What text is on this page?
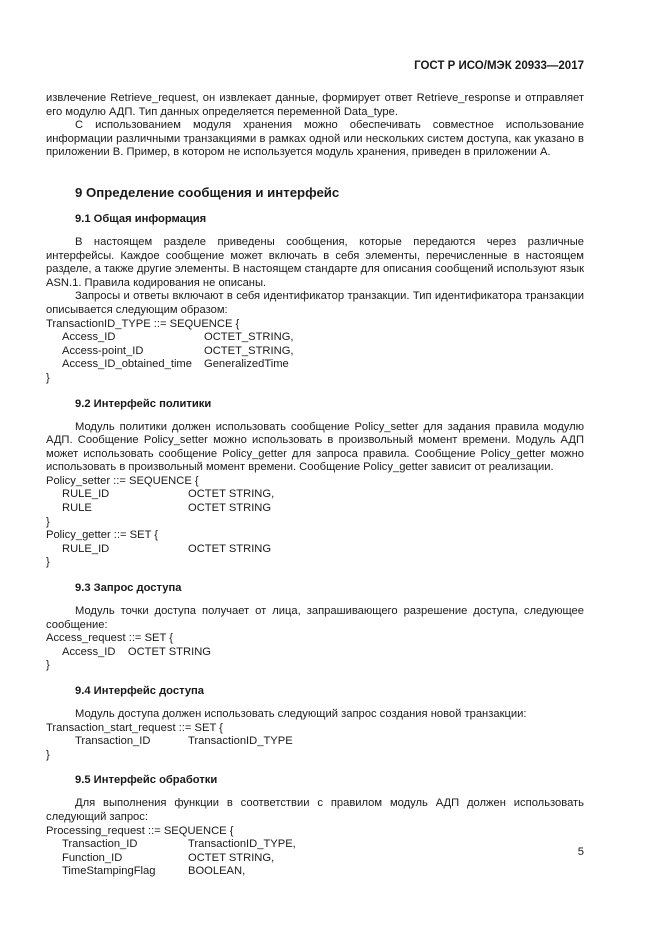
ГОСТ Р ИСО/МЭК 20933—2017

извлечение Retrieve_request, он извлекает данные, формирует ответ Retrieve_response и отправляет его модулю АДП. Тип данных определяется переменной Data_type.

С использованием модуля хранения можно обеспечивать совместное использование информации различными транзакциями в рамках одной или нескольких систем доступа, как указано в приложении В. Пример, в котором не используется модуль хранения, приведен в приложении А.

9 Определение сообщения и интерфейс
9.1 Общая информация

В настоящем разделе приведены сообщения, которые передаются через различные интерфейсы. Каждое сообщение может включать в себя элементы, перечисленные в настоящем разделе, а также другие элементы. В настоящем стандарте для описания сообщений используют язык ASN.1. Правила кодирования не описаны.

Запросы и ответы включают в себя идентификатор транзакции. Тип идентификатора транзакции описывается следующим образом:

TransactionID_TYPE ::= SEQUENCE {
Access_ID	OCTET_STRING,
Access-point_ID	OCTET_STRING,
Access_ID_obtained_time GeneralizedTime
}
9.2 Интерфейс политики

Модуль политики должен использовать сообщение Policy_setter для задания правила модулю АДП. Сообщение Policy_setter можно использовать в произвольный момент времени. Модуль АДП может использовать сообщение Policy_getter для запроса правила. Сообщение Policy_getter можно использовать в произвольный момент времени. Сообщение Policy_getter зависит от реализации.

Policy_setter ::= SEQUENCE {
RULE_ID	OCTET STRING,
RULE	OCTET STRING
}
Policy_getter ::= SET {
RULE_ID	OCTET STRING
}
9.3 Запрос доступа

Модуль точки доступа получает от лица, запрашивающего разрешение доступа, следующее сообщение:

Access_request ::= SET {
Access_ID    OCTET STRING
}
9.4 Интерфейс доступа

Модуль доступа должен использовать следующий запрос создания новой транзакции:

Transaction_start_request ::= SET {
Transaction_ID	TransactionID_TYPE
}
9.5 Интерфейс обработки

Для выполнения функции в соответствии с правилом модуль АДП должен использовать следующий запрос:

Processing_request ::= SEQUENCE {
Transaction_ID	TransactionID_TYPE,
Function_ID	OCTET STRING,
TimeStampingFlag	BOOLEAN,
5
